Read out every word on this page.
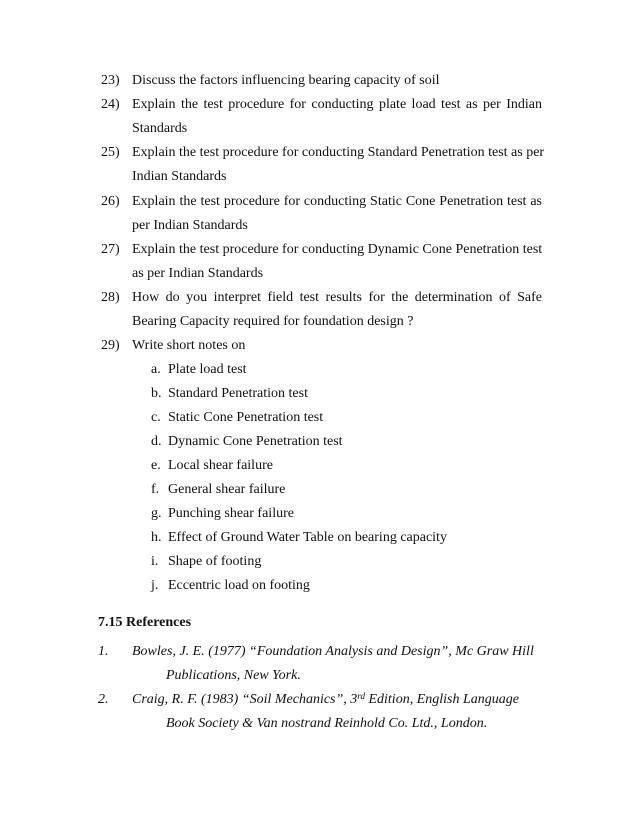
23) Discuss the factors influencing bearing capacity of soil
24) Explain the test procedure for conducting plate load test as per Indian
Standards
25) Explain the test procedure for conducting Standard Penetration test as per
Indian Standards
26) Explain the test procedure for conducting Static Cone Penetration test as
per Indian Standards
27) Explain the test procedure for conducting Dynamic Cone Penetration test
as per Indian Standards
28) How do you interpret field test results for the determination of Safe
Bearing Capacity required for foundation design ?
29) Write short notes on
a. Plate load test
b. Standard Penetration test
c. Static Cone Penetration test
d. Dynamic Cone Penetration test
e. Local shear failure
f. General shear failure
g. Punching shear failure
h. Effect of Ground Water Table on bearing capacity
i. Shape of footing
j. Eccentric load on footing
7.15 References
1. Bowles, J. E. (1977) “Foundation Analysis and Design”, Mc Graw Hill
Publications, New York.
2. Craig, R. F. (1983) “Soil Mechanics”, 3rd Edition, English Language
Book Society & Van nostrand Reinhold Co. Ltd., London.
